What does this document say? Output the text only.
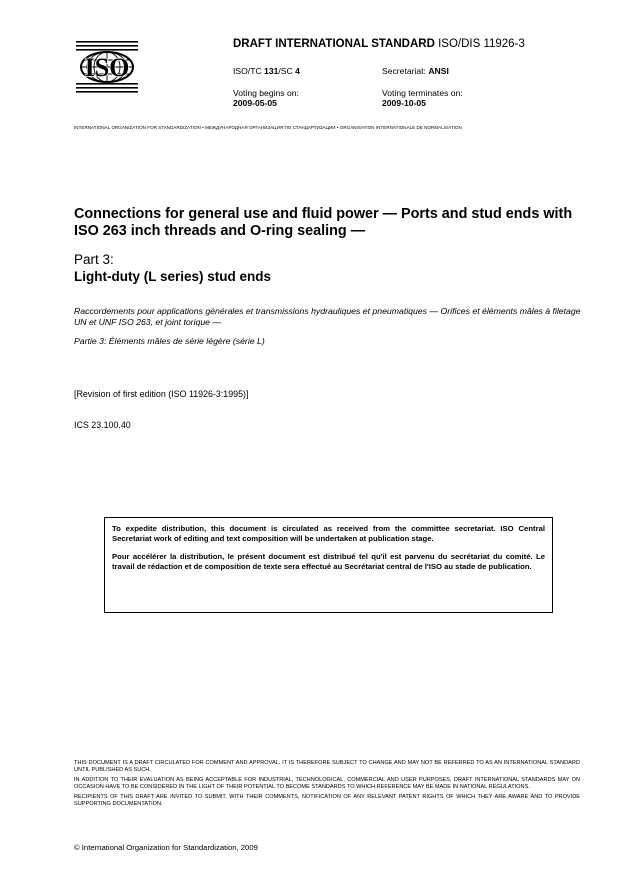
ISO
DRAFT INTERNATIONAL STANDARD ISO/DIS 11926-3
ISO/TC 131/SC 4	Secretariat: ANSI
Voting begins on:
2009-05-05
Voting terminates on:
2009-10-05
INTERNATIONAL ORGANIZATION FOR STANDARDIZATION • МЕЖДУНАРОДНАЯ ОРГАНИЗАЦИЯ ПО СТАНДАРТИЗАЦИИ • ORGANISATION INTERNATIONALE DE NORMALISATION
Connections for general use and fluid power — Ports and stud ends with ISO 263 inch threads and O-ring sealing —
Part 3:
Light-duty (L series) stud ends
Raccordements pour applications générales et transmissions hydrauliques et pneumatiques — Orifices et éléments mâles à filetage UN et UNF ISO 263, et joint torique —
Partie 3: Éléments mâles de série légère (série L)
[Revision of first edition (ISO 11926-3:1995)]
ICS 23.100.40

To expedite distribution, this document is circulated as received from the committee secretariat. ISO Central Secretariat work of editing and text composition will be undertaken at publication stage.

Pour accélérer la distribution, le présent document est distribué tel qu'il est parvenu du secrétariat du comité. Le travail de rédaction et de composition de texte sera effectué au Secrétariat central de l'ISO au stade de publication.

THIS DOCUMENT IS A DRAFT CIRCULATED FOR COMMENT AND APPROVAL. IT IS THEREFORE SUBJECT TO CHANGE AND MAY NOT BE REFERRED TO AS AN INTERNATIONAL STANDARD UNTIL PUBLISHED AS SUCH.

IN ADDITION TO THEIR EVALUATION AS BEING ACCEPTABLE FOR INDUSTRIAL, TECHNOLOGICAL, COMMERCIAL AND USER PURPOSES, DRAFT INTERNATIONAL STANDARDS MAY ON OCCASION HAVE TO BE CONSIDERED IN THE LIGHT OF THEIR POTENTIAL TO BECOME STANDARDS TO WHICH REFERENCE MAY BE MADE IN NATIONAL REGULATIONS.

RECIPIENTS OF THIS DRAFT ARE INVITED TO SUBMIT, WITH THEIR COMMENTS, NOTIFICATION OF ANY RELEVANT PATENT RIGHTS OF WHICH THEY ARE AWARE AND TO PROVIDE SUPPORTING DOCUMENTATION.

© International Organization for Standardization, 2009
